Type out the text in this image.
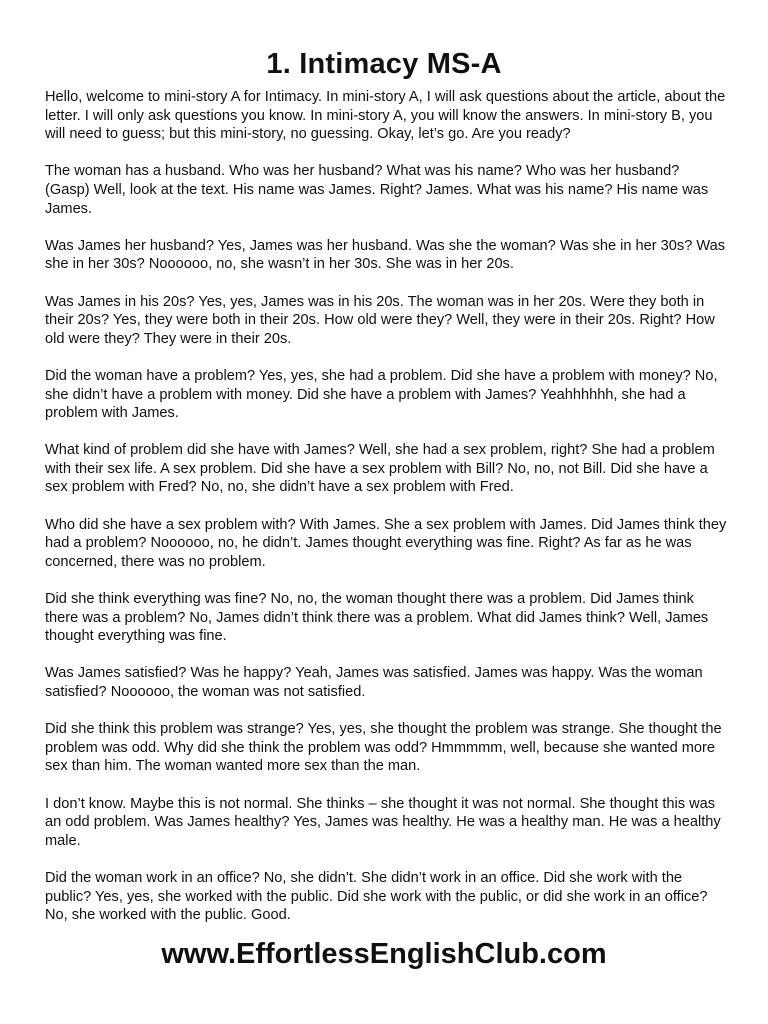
1. Intimacy MS-A

Hello, welcome to mini-story A for Intimacy. In mini-story A, I will ask questions about the article, about the letter. I will only ask questions you know. In mini-story A, you will know the answers. In mini-story B, you will need to guess; but this mini-story, no guessing. Okay, let’s go. Are you ready?

The woman has a husband. Who was her husband? What was his name? Who was her husband? (Gasp) Well, look at the text. His name was James. Right? James. What was his name? His name was James.

Was James her husband? Yes, James was her husband. Was she the woman? Was she in her 30s? Was she in her 30s? Noooooo, no, she wasn’t in her 30s. She was in her 20s.

Was James in his 20s? Yes, yes, James was in his 20s. The woman was in her 20s. Were they both in their 20s? Yes, they were both in their 20s. How old were they? Well, they were in their 20s. Right? How old were they? They were in their 20s.

Did the woman have a problem? Yes, yes, she had a problem. Did she have a problem with money? No, she didn’t have a problem with money. Did she have a problem with James? Yeahhhhhh, she had a problem with James.

What kind of problem did she have with James? Well, she had a sex problem, right? She had a problem with their sex life. A sex problem. Did she have a sex problem with Bill? No, no, not Bill. Did she have a sex problem with Fred? No, no, she didn’t have a sex problem with Fred.

Who did she have a sex problem with? With James. She a sex problem with James. Did James think they had a problem? Noooooo, no, he didn’t. James thought everything was fine. Right? As far as he was concerned, there was no problem.

Did she think everything was fine? No, no, the woman thought there was a problem. Did James think there was a problem? No, James didn’t think there was a problem. What did James think? Well, James thought everything was fine.

Was James satisfied? Was he happy? Yeah, James was satisfied. James was happy. Was the woman satisfied? Noooooo, the woman was not satisfied.

Did she think this problem was strange? Yes, yes, she thought the problem was strange. She thought the problem was odd. Why did she think the problem was odd? Hmmmmm, well, because she wanted more sex than him. The woman wanted more sex than the man.

I don’t know. Maybe this is not normal. She thinks – she thought it was not normal. She thought this was an odd problem. Was James healthy? Yes, James was healthy. He was a healthy man. He was a healthy male.

Did the woman work in an office? No, she didn’t. She didn’t work in an office. Did she work with the public? Yes, yes, she worked with the public. Did she work with the public, or did she work in an office? No, she worked with the public. Good.

www.EffortlessEnglishClub.com
